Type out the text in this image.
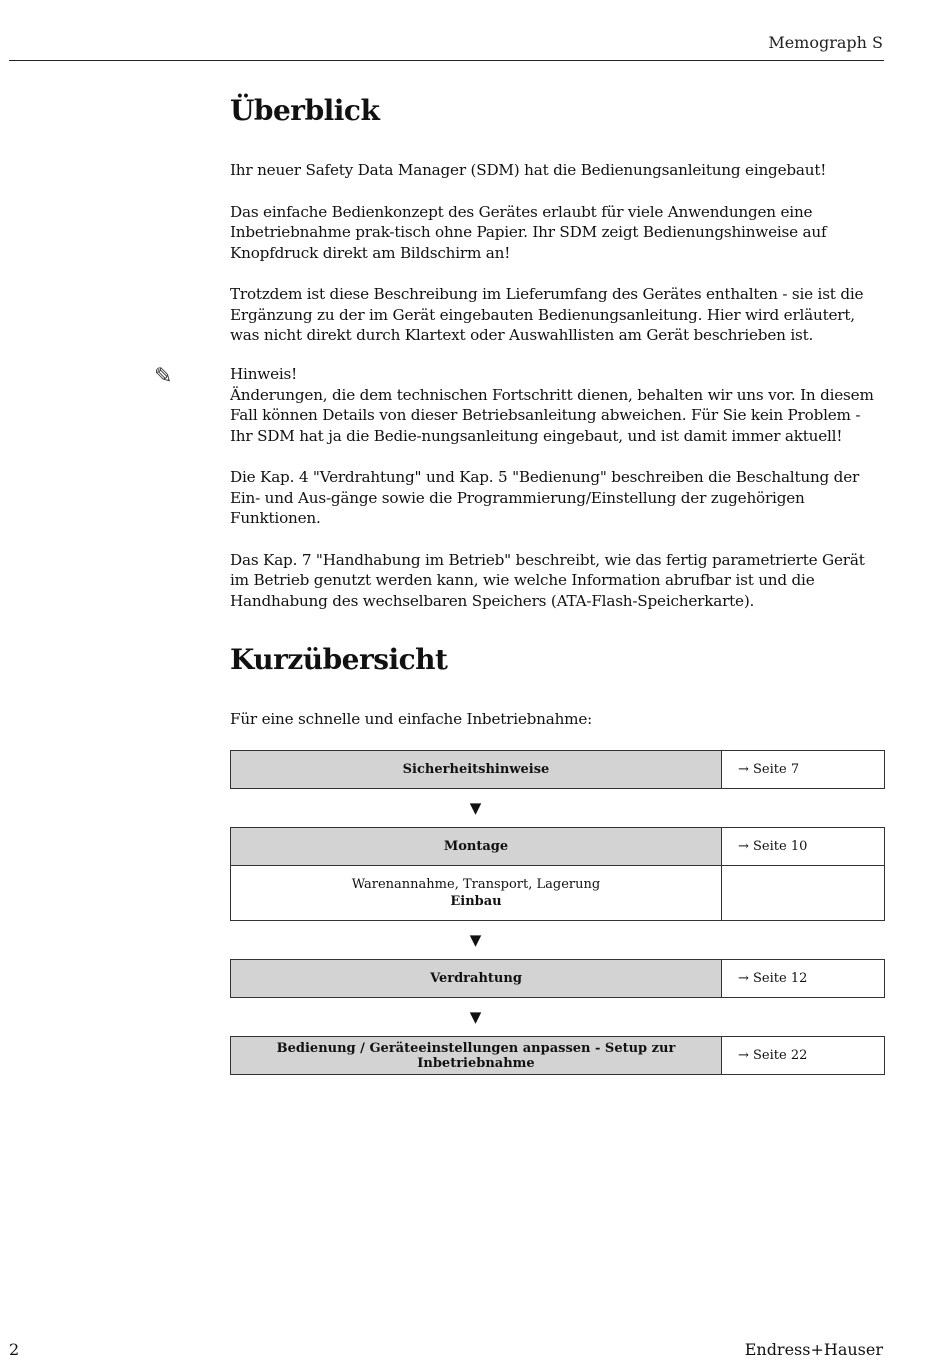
Memograph S
Überblick

Ihr neuer Safety Data Manager (SDM) hat die Bedienungsanleitung eingebaut!

Das einfache Bedienkonzept des Gerätes erlaubt für viele Anwendungen eine Inbetriebnahme prak-tisch ohne Papier. Ihr SDM zeigt Bedienungshinweise auf Knopfdruck direkt am Bildschirm an!

Trotzdem ist diese Beschreibung im Lieferumfang des Gerätes enthalten - sie ist die Ergänzung zu der im Gerät eingebauten Bedienungsanleitung. Hier wird erläutert, was nicht direkt durch Klartext oder Auswahllisten am Gerät beschrieben ist.

✎	Hinweis!

Änderungen, die dem technischen Fortschritt dienen, behalten wir uns vor. In diesem Fall können Details von dieser Betriebsanleitung abweichen. Für Sie kein Problem - Ihr SDM hat ja die Bedie-nungsanleitung eingebaut, und ist damit immer aktuell!

Die Kap. 4 "Verdrahtung" und Kap. 5 "Bedienung" beschreiben die Beschaltung der Ein- und Aus-gänge sowie die Programmierung/Einstellung der zugehörigen Funktionen.

Das Kap. 7 "Handhabung im Betrieb" beschreibt, wie das fertig parametrierte Gerät im Betrieb genutzt werden kann, wie welche Information abrufbar ist und die Handhabung des wechselbaren Speichers (ATA-Flash-Speicherkarte).

Kurzübersicht

Für eine schnelle und einfache Inbetriebnahme:

Sicherheitshinweise	→ Seite 7
▼
Montage	→ Seite 10

Warenannahme, Transport, Lagerung
Einbau	

▼
Verdrahtung	→ Seite 12
▼
Bedienung / Geräteeinstellungen anpassen - Setup zur Inbetriebnahme	→ Seite 22
2	Endress+Hauser
